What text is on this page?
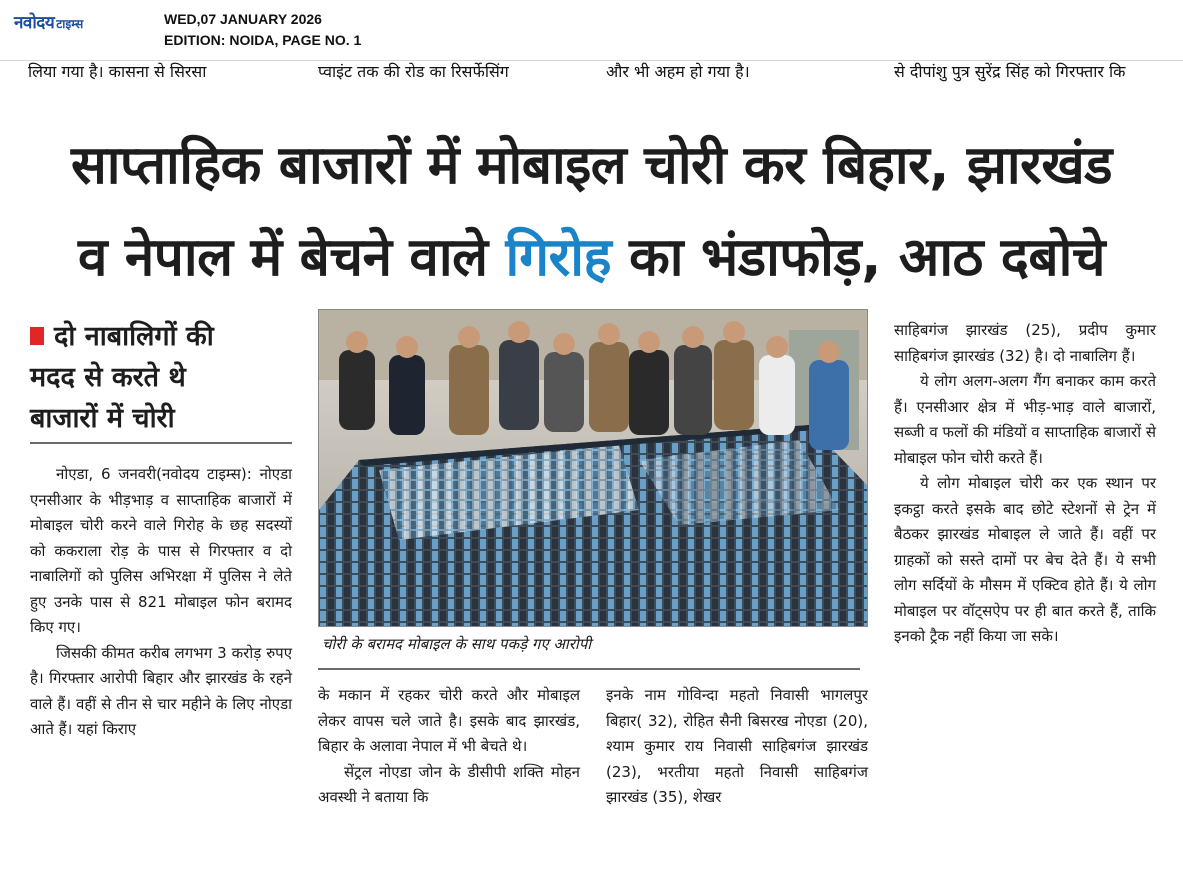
नवोदय टाइम्स	WED,07 JANUARY 2026
EDITION: NOIDA, PAGE NO. 1
लिया गया है। कासना से सिरसा	प्वाइंट तक की रोड का रिसर्फेसिंग	और भी अहम हो गया है।	से दीपांशु पुत्र सुरेंद्र सिंह को गिरफ्तार कि
साप्ताहिक बाजारों में मोबाइल चोरी कर बिहार, झारखंड
व नेपाल में बेचने वाले गिरोह का भंडाफोड़, आठ दबोचे
दो नाबालिगों की
मदद से करते थे
बाजारों में चोरी

नोएडा, 6 जनवरी(नवोदय टाइम्स): नोएडा एनसीआर के भीड़भाड़ व साप्ताहिक बाजारों में मोबाइल चोरी करने वाले गिरोह के छह सदस्यों को ककराला रोड़ के पास से गिरफ्तार व दो नाबालिगों को पुलिस अभिरक्षा में पुलिस ने लेते हुए उनके पास से 821 मोबाइल फोन बरामद किए गए।

जिसकी कीमत करीब लगभग 3 करोड़ रुपए है। गिरफ्तार आरोपी बिहार और झारखंड के रहने वाले हैं। वहीं से तीन से चार महीने के लिए नोएडा आते हैं। यहां किराए

चोरी के बरामद मोबाइल के साथ पकड़े गए आरोपी

के मकान में रहकर चोरी करते और मोबाइल लेकर वापस चले जाते है। इसके बाद झारखंड, बिहार के अलावा नेपाल में भी बेचते थे।

सेंट्रल नोएडा जोन के डीसीपी शक्ति मोहन अवस्थी ने बताया कि

इनके नाम गोविन्दा महतो निवासी भागलपुर बिहार( 32), रोहित सैनी बिसरख नोएडा (20), श्याम कुमार राय निवासी साहिबगंज झारखंड (23), भरतीया महतो निवासी साहिबगंज झारखंड (35), शेखर

साहिबगंज झारखंड (25), प्रदीप कुमार साहिबगंज झारखंड (32) है। दो नाबालिग हैं।

ये लोग अलग-अलग गैंग बनाकर काम करते हैं। एनसीआर क्षेत्र में भीड़-भाड़ वाले बाजारों, सब्जी व फलों की मंडियों व साप्ताहिक बाजारों से मोबाइल फोन चोरी करते हैं।

ये लोग मोबाइल चोरी कर एक स्थान पर इकट्ठा करते इसके बाद छोटे स्टेशनों से ट्रेन में बैठकर झारखंड मोबाइल ले जाते हैं। वहीं पर ग्राहकों को सस्ते दामों पर बेच देते हैं। ये सभी लोग सर्दियों के मौसम में एक्टिव होते हैं। ये लोग मोबाइल पर वॉट्सऐप पर ही बात करते हैं, ताकि इनको ट्रैक नहीं किया जा सके।
